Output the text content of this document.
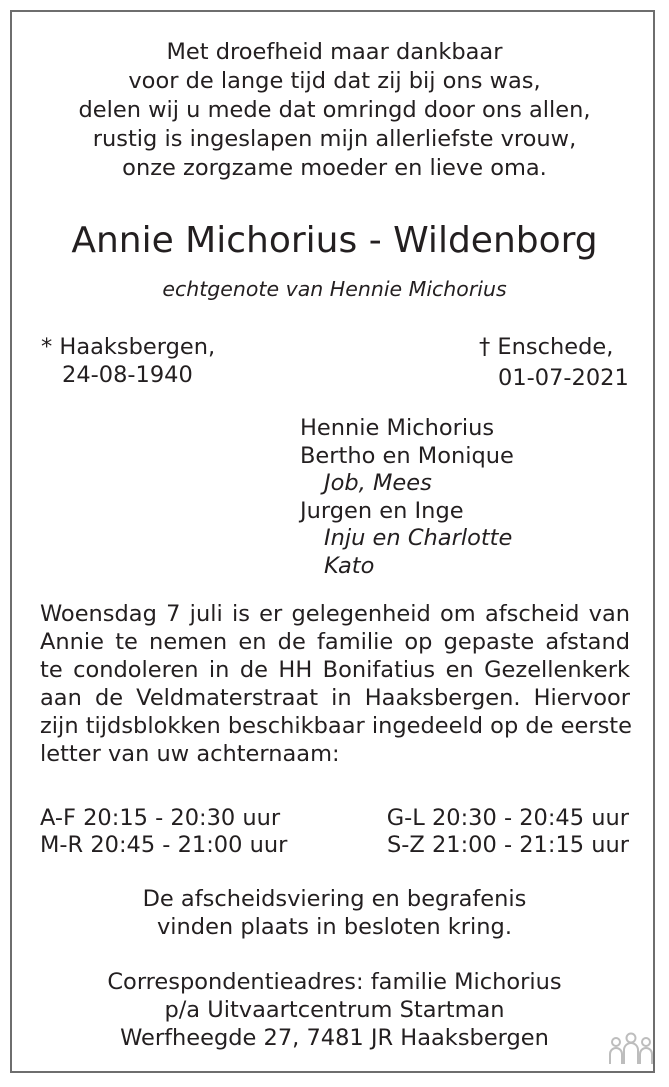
Met droefheid maar dankbaar
voor de lange tijd dat zij bij ons was,
delen wij u mede dat omringd door ons allen,
rustig is ingeslapen mijn allerliefste vrouw,
onze zorgzame moeder en lieve oma.
Annie Michorius - Wildenborg
echtgenote van Hennie Michorius
* Haaksbergen,
24-08-1940
† Enschede,
01-07-2021
Hennie Michorius
Bertho en Monique
Job, Mees
Jurgen en Inge
Inju en Charlotte
Kato
Woensdag 7 juli is er gelegenheid om afscheid van
Annie te nemen en de familie op gepaste afstand
te condoleren in de HH Bonifatius en Gezellenkerk
aan de Veldmaterstraat in Haaksbergen. Hiervoor
zijn tijdsblokken beschikbaar ingedeeld op de eerste
letter van uw achternaam:
A-F 20:15 - 20:30 uur	G-L 20:30 - 20:45 uur
M-R 20:45 - 21:00 uur	S-Z 21:00 - 21:15 uur
De afscheidsviering en begrafenis
vinden plaats in besloten kring.
Correspondentieadres: familie Michorius
p/a Uitvaartcentrum Startman
Werfheegde 27, 7481 JR Haaksbergen
